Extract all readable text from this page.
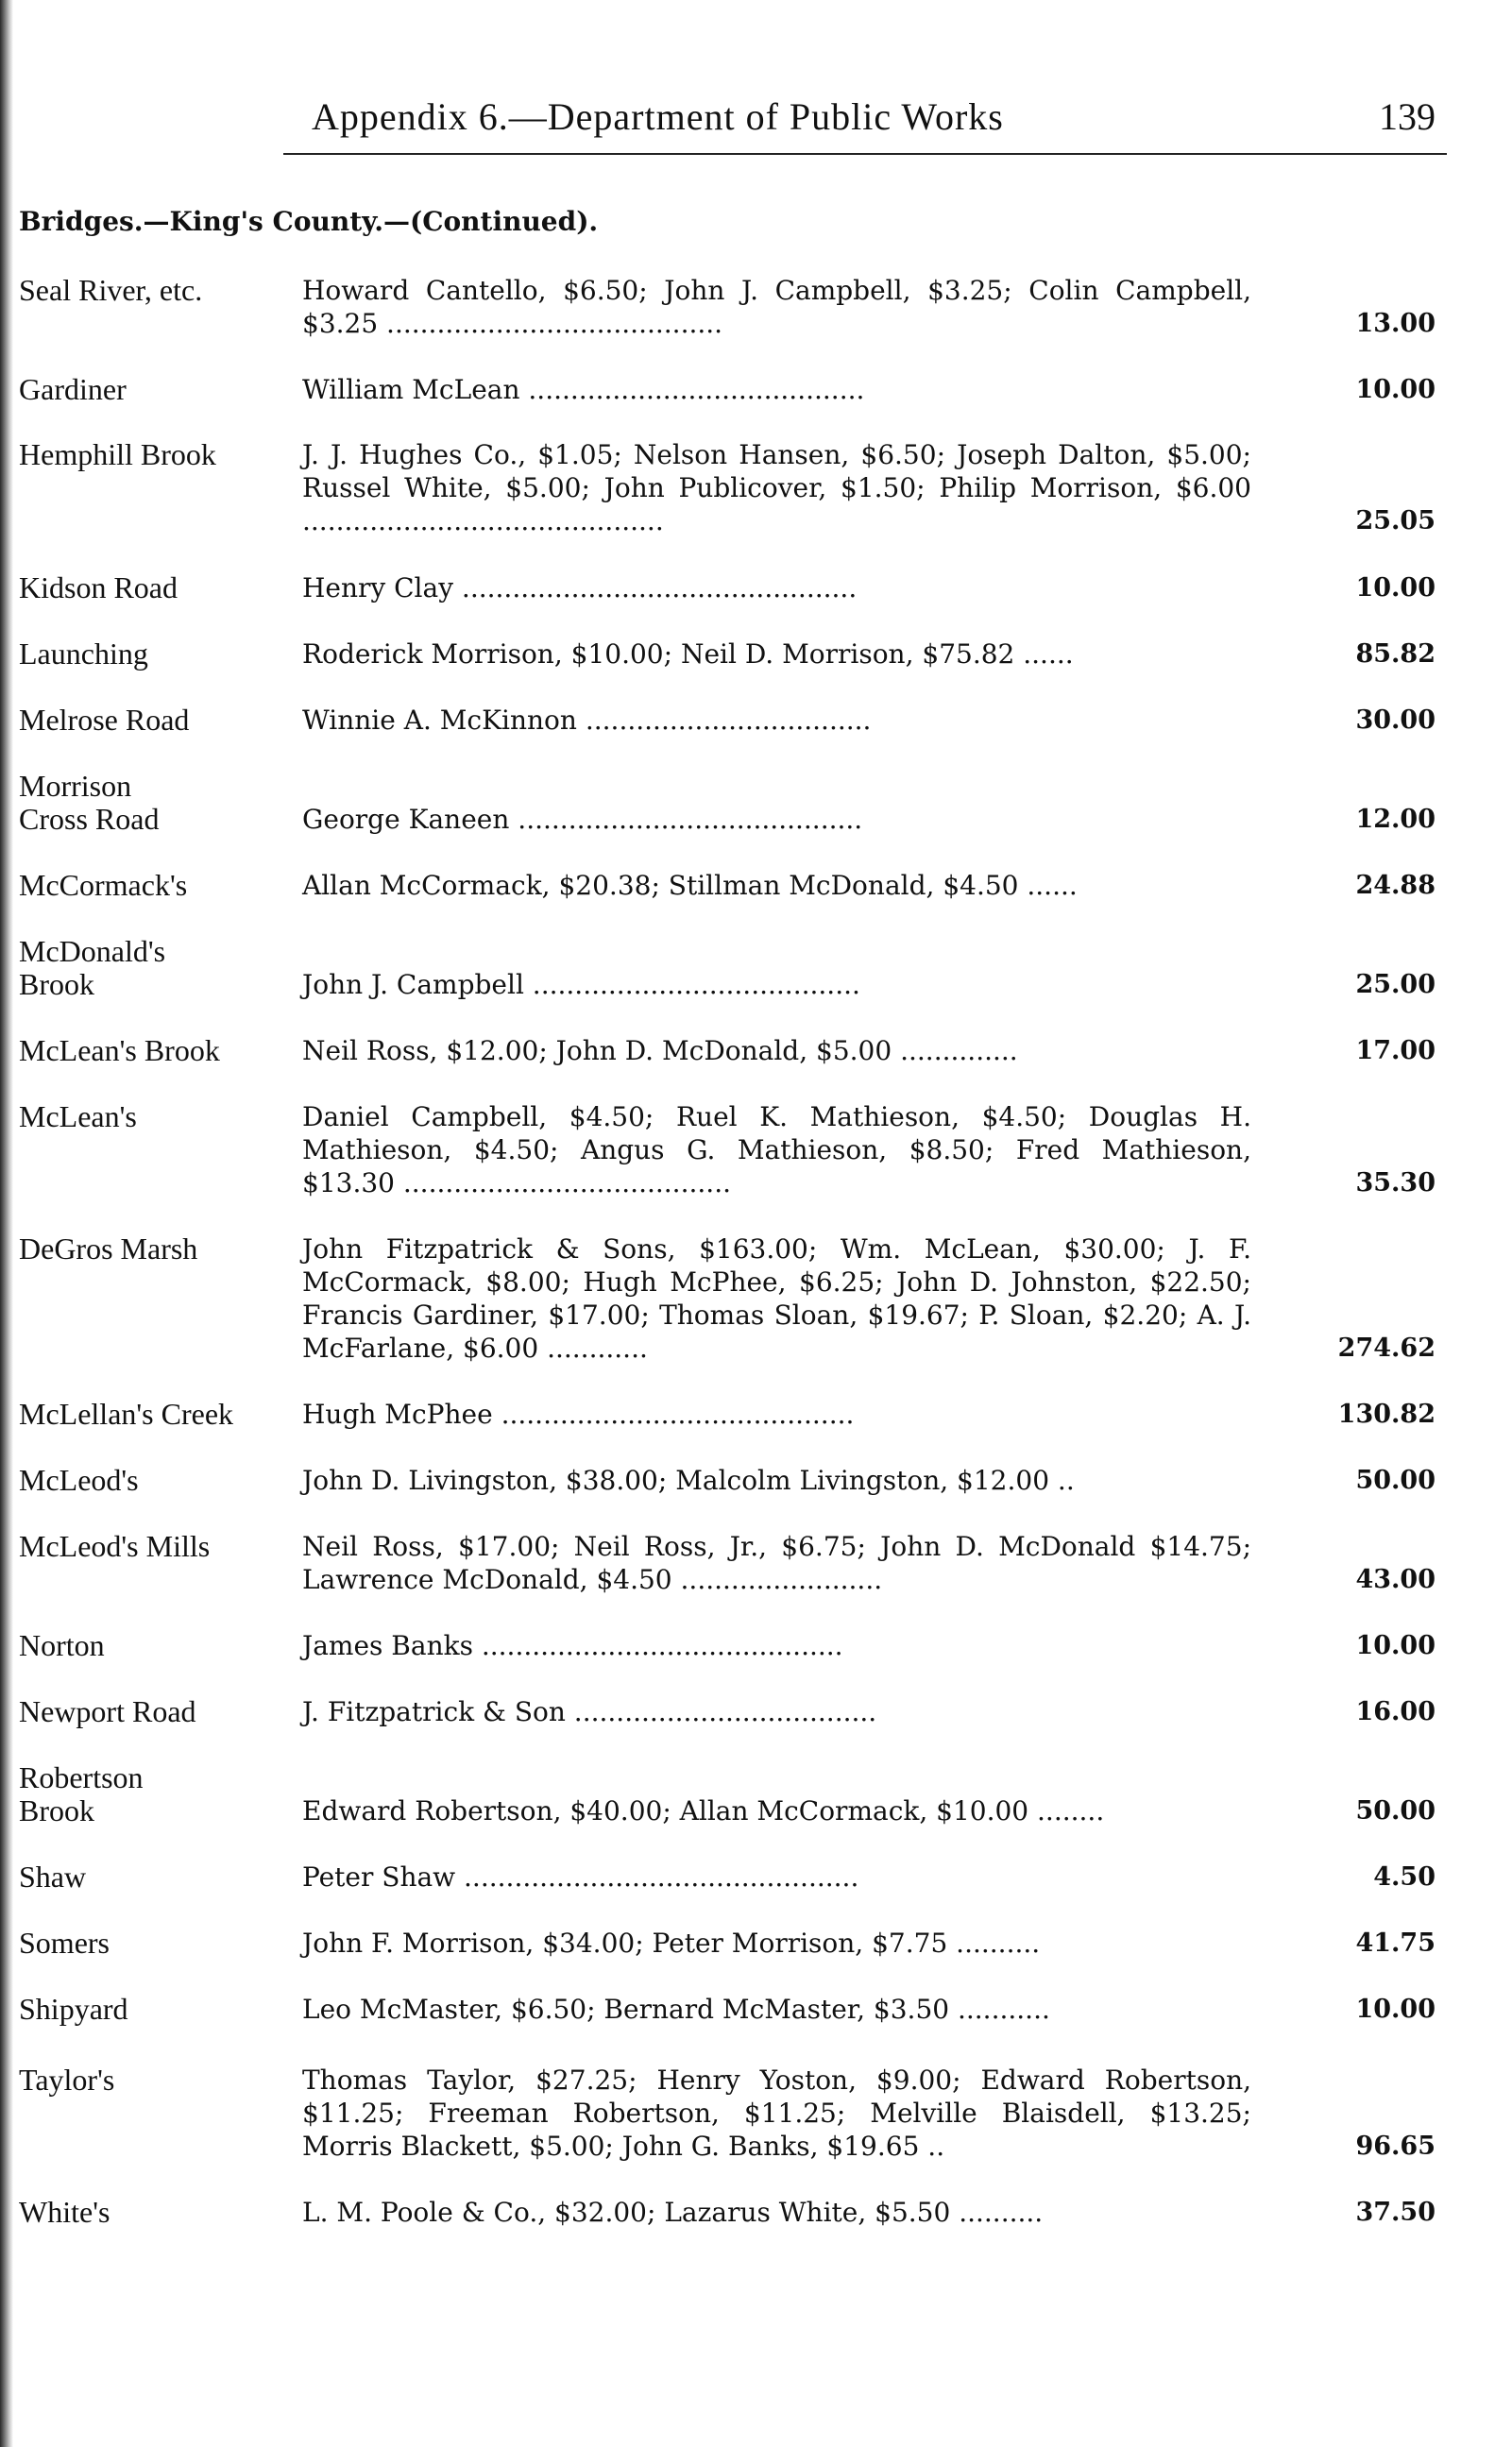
Appendix 6.—Department of Public Works	139
Bridges.—King's County.—(Continued).
Seal River, etc.	Howard Cantello, $6.50; John J. Campbell, $3.25; Colin Campbell, $3.25 ........................................	13.00
Gardiner	William McLean ........................................	10.00
Hemphill Brook	J. J. Hughes Co., $1.05; Nelson Hansen, $6.50; Joseph Dalton, $5.00; Russel White, $5.00; John Publicover, $1.50; Philip Morrison, $6.00 ...........................................	25.05
Kidson Road	Henry Clay ...............................................	10.00
Launching	Roderick Morrison, $10.00; Neil D. Morrison, $75.82 ......	85.82
Melrose Road	Winnie A. McKinnon ..................................	30.00
Morrison
Cross Road	George Kaneen .........................................	12.00
McCormack's	Allan McCormack, $20.38; Stillman McDonald, $4.50 ......	24.88
McDonald's
Brook	John J. Campbell .......................................	25.00
McLean's Brook	Neil Ross, $12.00; John D. McDonald, $5.00 ..............	17.00
McLean's	Daniel Campbell, $4.50; Ruel K. Mathieson, $4.50; Douglas H. Mathieson, $4.50; Angus G. Mathieson, $8.50; Fred Mathieson, $13.30 .......................................	35.30
DeGros Marsh	John Fitzpatrick & Sons, $163.00; Wm. McLean, $30.00; J. F. McCormack, $8.00; Hugh McPhee, $6.25; John D. Johnston, $22.50; Francis Gardiner, $17.00; Thomas Sloan, $19.67; P. Sloan, $2.20; A. J. McFarlane, $6.00 ............	274.62
McLellan's Creek	Hugh McPhee ..........................................	130.82
McLeod's	John D. Livingston, $38.00; Malcolm Livingston, $12.00 ..	50.00
McLeod's Mills	Neil Ross, $17.00; Neil Ross, Jr., $6.75; John D. McDonald $14.75; Lawrence McDonald, $4.50 ........................	43.00
Norton	James Banks ...........................................	10.00
Newport Road	J. Fitzpatrick & Son ....................................	16.00
Robertson
Brook	Edward Robertson, $40.00; Allan McCormack, $10.00 ........	50.00
Shaw	Peter Shaw ...............................................	4.50
Somers	John F. Morrison, $34.00; Peter Morrison, $7.75 ..........	41.75
Shipyard	Leo McMaster, $6.50; Bernard McMaster, $3.50 ...........	10.00
Taylor's	Thomas Taylor, $27.25; Henry Yoston, $9.00; Edward Robertson, $11.25; Freeman Robertson, $11.25; Melville Blaisdell, $13.25; Morris Blackett, $5.00; John G. Banks, $19.65 ..	96.65
White's	L. M. Poole & Co., $32.00; Lazarus White, $5.50 ..........	37.50
